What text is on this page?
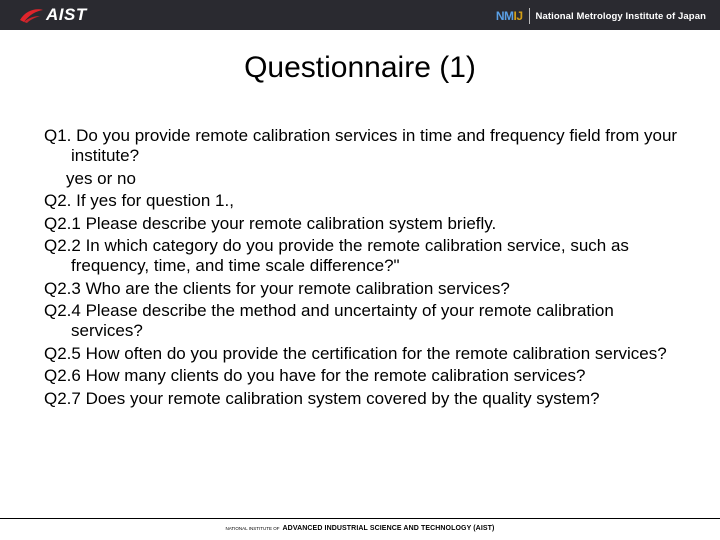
AIST	NMIJ National Metrology Institute of Japan
Questionnaire (1)

Q1. Do you provide remote calibration services in time and frequency field from your institute?

yes or no

Q2. If yes for question 1.,

Q2.1 Please describe your remote calibration system briefly.

Q2.2 In which category do you provide the remote calibration service, such as frequency, time, and time scale difference?"

Q2.3 Who are the clients for your remote calibration services?

Q2.4 Please describe the method and uncertainty of your remote calibration services?

Q2.5 How often do you provide the certification for the remote calibration services?

Q2.6 How many clients do you have for the remote calibration services?

Q2.7 Does your remote calibration system covered by the quality system?

NATIONAL INSTITUTE OF ADVANCED INDUSTRIAL SCIENCE AND TECHNOLOGY (AIST)
